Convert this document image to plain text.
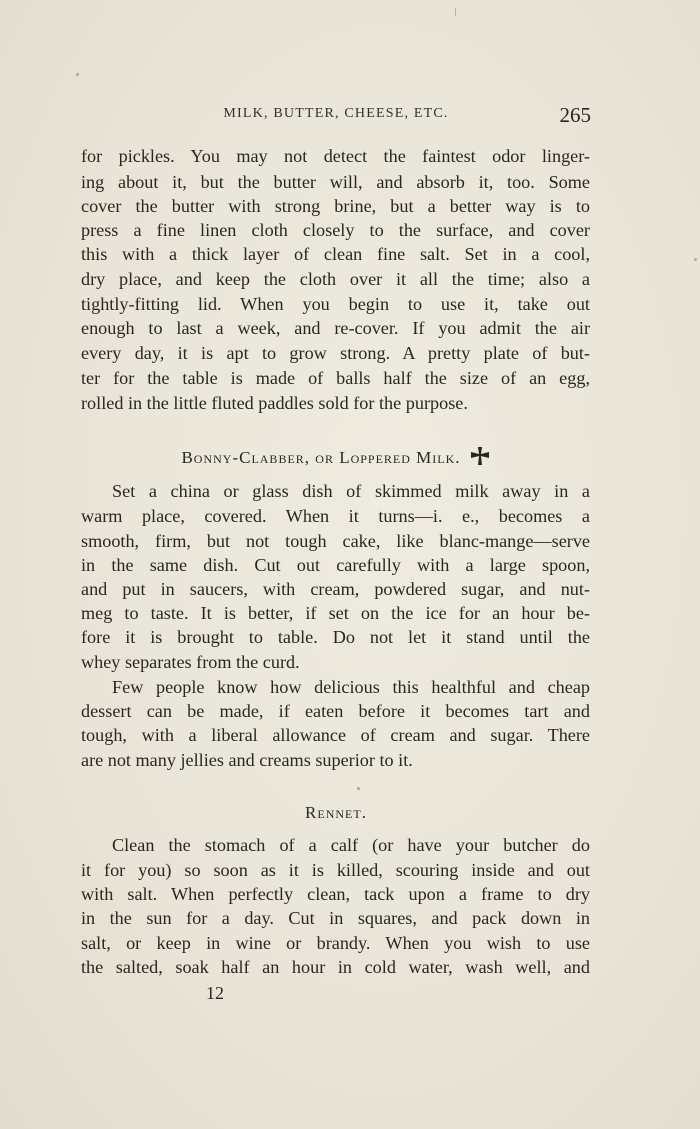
MILK, BUTTER, CHEESE, ETC.	265
for pickles. You may not detect the faintest odor linger-
ing about it, but the butter will, and absorb it, too. Some
cover the butter with strong brine, but a better way is to
press a fine linen cloth closely to the surface, and cover
this with a thick layer of clean fine salt. Set in a cool,
dry place, and keep the cloth over it all the time; also a
tightly-fitting lid. When you begin to use it, take out
enough to last a week, and re-cover. If you admit the air
every day, it is apt to grow strong. A pretty plate of but-
ter for the table is made of balls half the size of an egg,
rolled in the little fluted paddles sold for the purpose.
Bonny-Clabber, or Loppered Milk.
Set a china or glass dish of skimmed milk away in a
warm place, covered. When it turns—i. e., becomes a
smooth, firm, but not tough cake, like blanc-mange—serve
in the same dish. Cut out carefully with a large spoon,
and put in saucers, with cream, powdered sugar, and nut-
meg to taste. It is better, if set on the ice for an hour be-
fore it is brought to table. Do not let it stand until the
whey separates from the curd.
Few people know how delicious this healthful and cheap
dessert can be made, if eaten before it becomes tart and
tough, with a liberal allowance of cream and sugar. There
are not many jellies and creams superior to it.
Rennet.
Clean the stomach of a calf (or have your butcher do
it for you) so soon as it is killed, scouring inside and out
with salt. When perfectly clean, tack upon a frame to dry
in the sun for a day. Cut in squares, and pack down in
salt, or keep in wine or brandy. When you wish to use
the salted, soak half an hour in cold water, wash well, and
12
